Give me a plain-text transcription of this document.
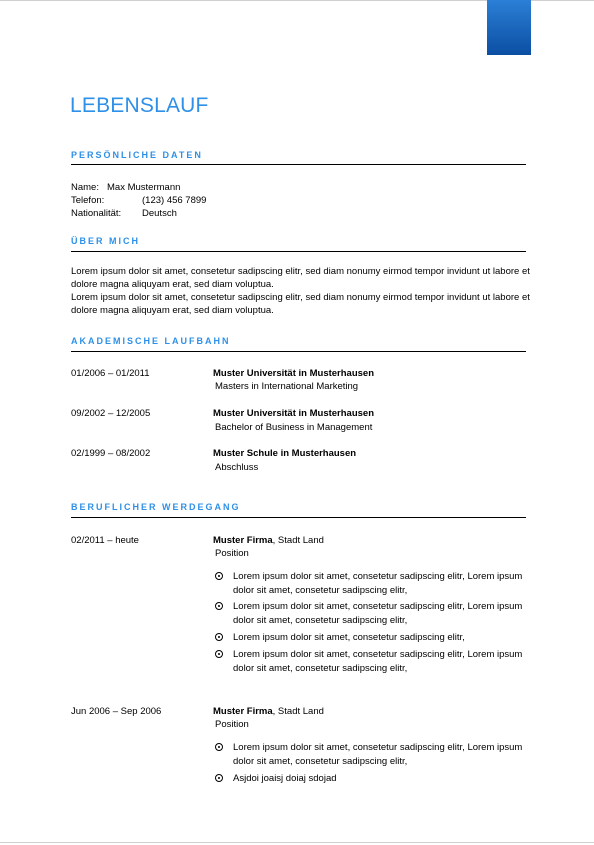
LEBENSLAUF
PERSÖNLICHE DATEN
Name: Max Mustermann
Telefon:	(123) 456 7899
Nationalität: Deutsch
ÜBER MICH
Lorem ipsum dolor sit amet, consetetur sadipscing elitr, sed diam nonumy eirmod tempor invidunt ut labore et dolore magna aliquyam erat, sed diam voluptua.
Lorem ipsum dolor sit amet, consetetur sadipscing elitr, sed diam nonumy eirmod tempor invidunt ut labore et dolore magna aliquyam erat, sed diam voluptua.
AKADEMISCHE LAUFBAHN
01/2006 – 01/2011	Muster Universität in Musterhausen
Masters in International Marketing
09/2002 – 12/2005	Muster Universität in Musterhausen
Bachelor of Business in Management
02/1999 – 08/2002	Muster Schule in Musterhausen
Abschluss
BERUFLICHER WERDEGANG
02/2011 – heute	Muster Firma, Stadt Land
Position
Lorem ipsum dolor sit amet, consetetur sadipscing elitr, Lorem ipsum dolor sit amet, consetetur sadipscing elitr,
Lorem ipsum dolor sit amet, consetetur sadipscing elitr, Lorem ipsum dolor sit amet, consetetur sadipscing elitr,
Lorem ipsum dolor sit amet, consetetur sadipscing elitr,
Lorem ipsum dolor sit amet, consetetur sadipscing elitr, Lorem ipsum dolor sit amet, consetetur sadipscing elitr,
Jun 2006 – Sep 2006	Muster Firma, Stadt Land
Position
Lorem ipsum dolor sit amet, consetetur sadipscing elitr, Lorem ipsum dolor sit amet, consetetur sadipscing elitr,
Asjdoi joaisj doiaj sdojad
